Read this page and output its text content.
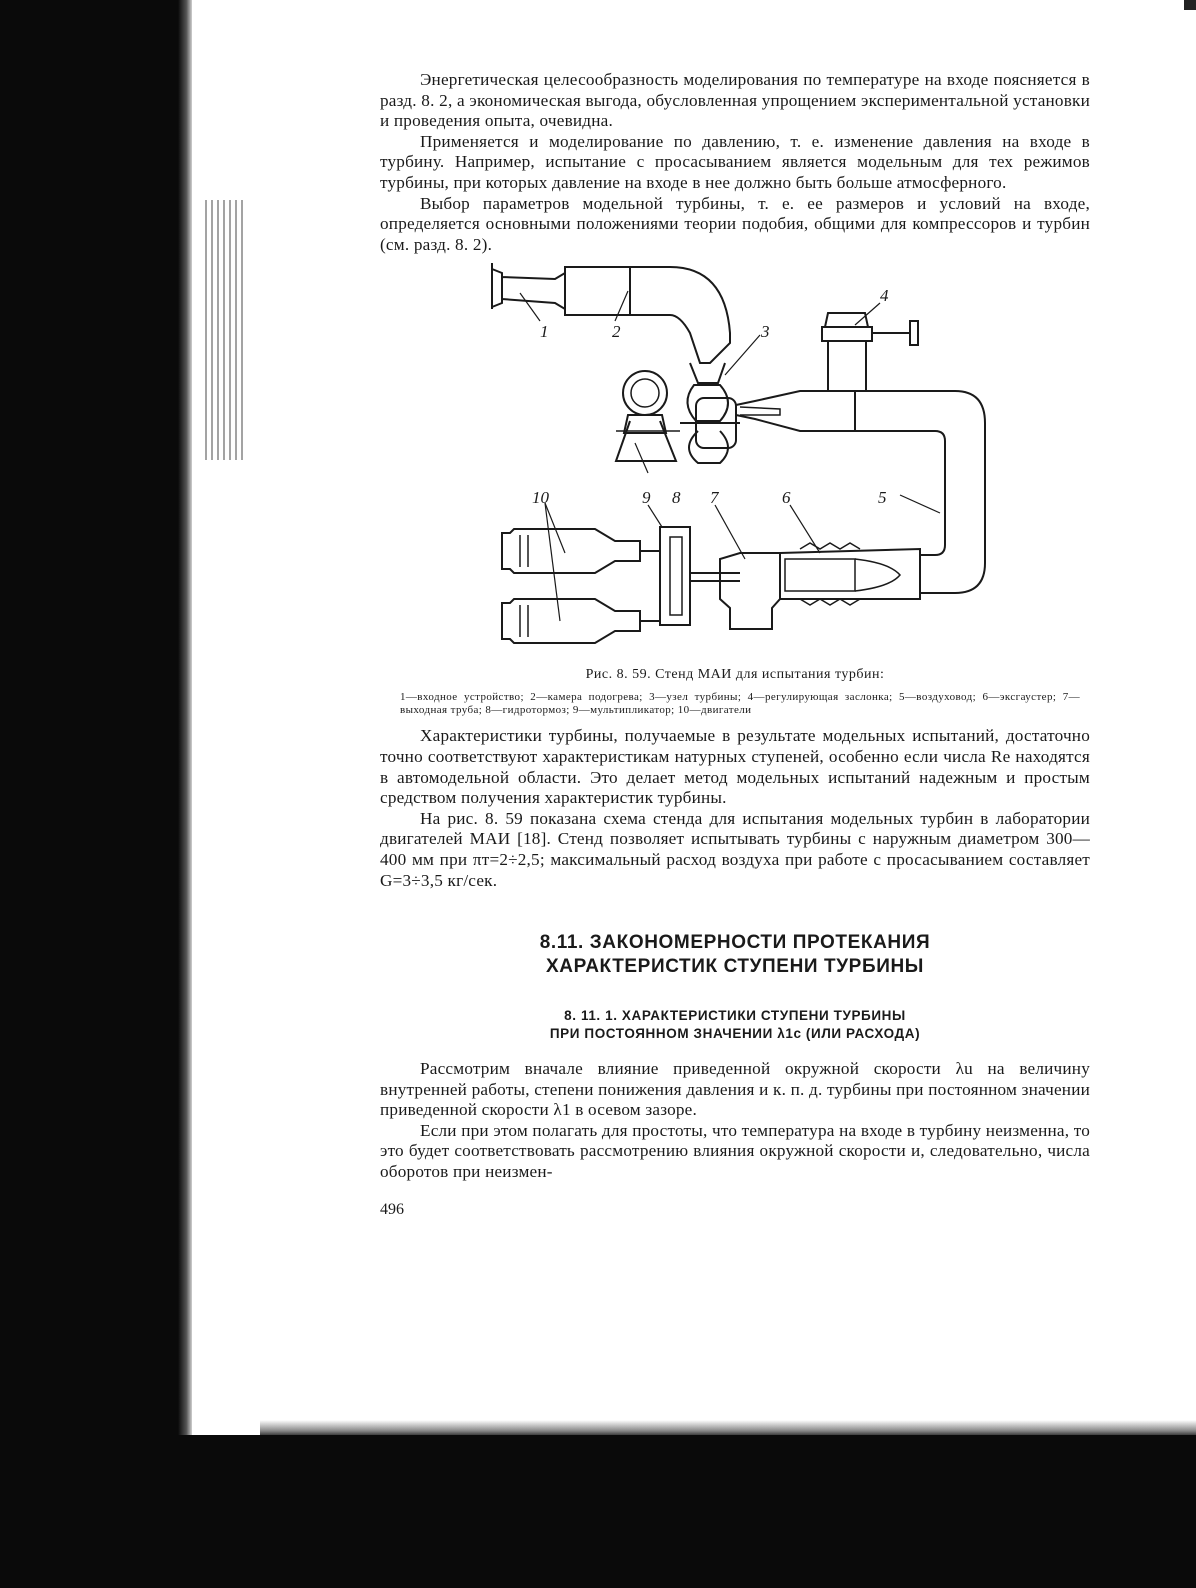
Энергетическая целесообразность моделирования по температуре на входе поясняется в разд. 8. 2, а экономическая выгода, обусловленная упрощением экспериментальной установки и проведения опыта, очевидна.

Применяется и моделирование по давлению, т. е. изменение давления на входе в турбину. Например, испытание с просасыванием является модельным для тех режимов турбины, при которых давление на входе в нее должно быть больше атмосферного.

Выбор параметров модельной турбины, т. е. ее размеров и условий на входе, определяется основными положениями теории подобия, общими для компрессоров и турбин (см. разд. 8. 2).

1	2	3
4
5
6
7
8
9
10
Рис. 8. 59. Стенд МАИ для испытания турбин:
1—входное устройство; 2—камера подогрева; 3—узел турбины; 4—регулирующая заслонка; 5—воздуховод; 6—эксгаустер; 7—выходная труба; 8—гидротормоз; 9—мультипликатор; 10—двигатели

Характеристики турбины, получаемые в результате модельных испытаний, достаточно точно соответствуют характеристикам натурных ступеней, особенно если числа Re находятся в автомодельной области. Это делает метод модельных испытаний надежным и простым средством получения характеристик турбины.

На рис. 8. 59 показана схема стенда для испытания модельных турбин в лаборатории двигателей МАИ [18]. Стенд позволяет испытывать турбины с наружным диаметром 300—400 мм при πт=2÷2,5; максимальный расход воздуха при работе с просасыванием составляет G=3÷3,5 кг/сек.

8.11. ЗАКОНОМЕРНОСТИ ПРОТЕКАНИЯ
ХАРАКТЕРИСТИК СТУПЕНИ ТУРБИНЫ
8. 11. 1. ХАРАКТЕРИСТИКИ СТУПЕНИ ТУРБИНЫ
ПРИ ПОСТОЯННОМ ЗНАЧЕНИИ λ1c (ИЛИ РАСХОДА)

Рассмотрим вначале влияние приведенной окружной скорости λu на величину внутренней работы, степени понижения давления и к. п. д. турбины при постоянном значении приведенной скорости λ1 в осевом зазоре.

Если при этом полагать для простоты, что температура на входе в турбину неизменна, то это будет соответствовать рассмотрению влияния окружной скорости и, следовательно, числа оборотов при неизмен-

496
